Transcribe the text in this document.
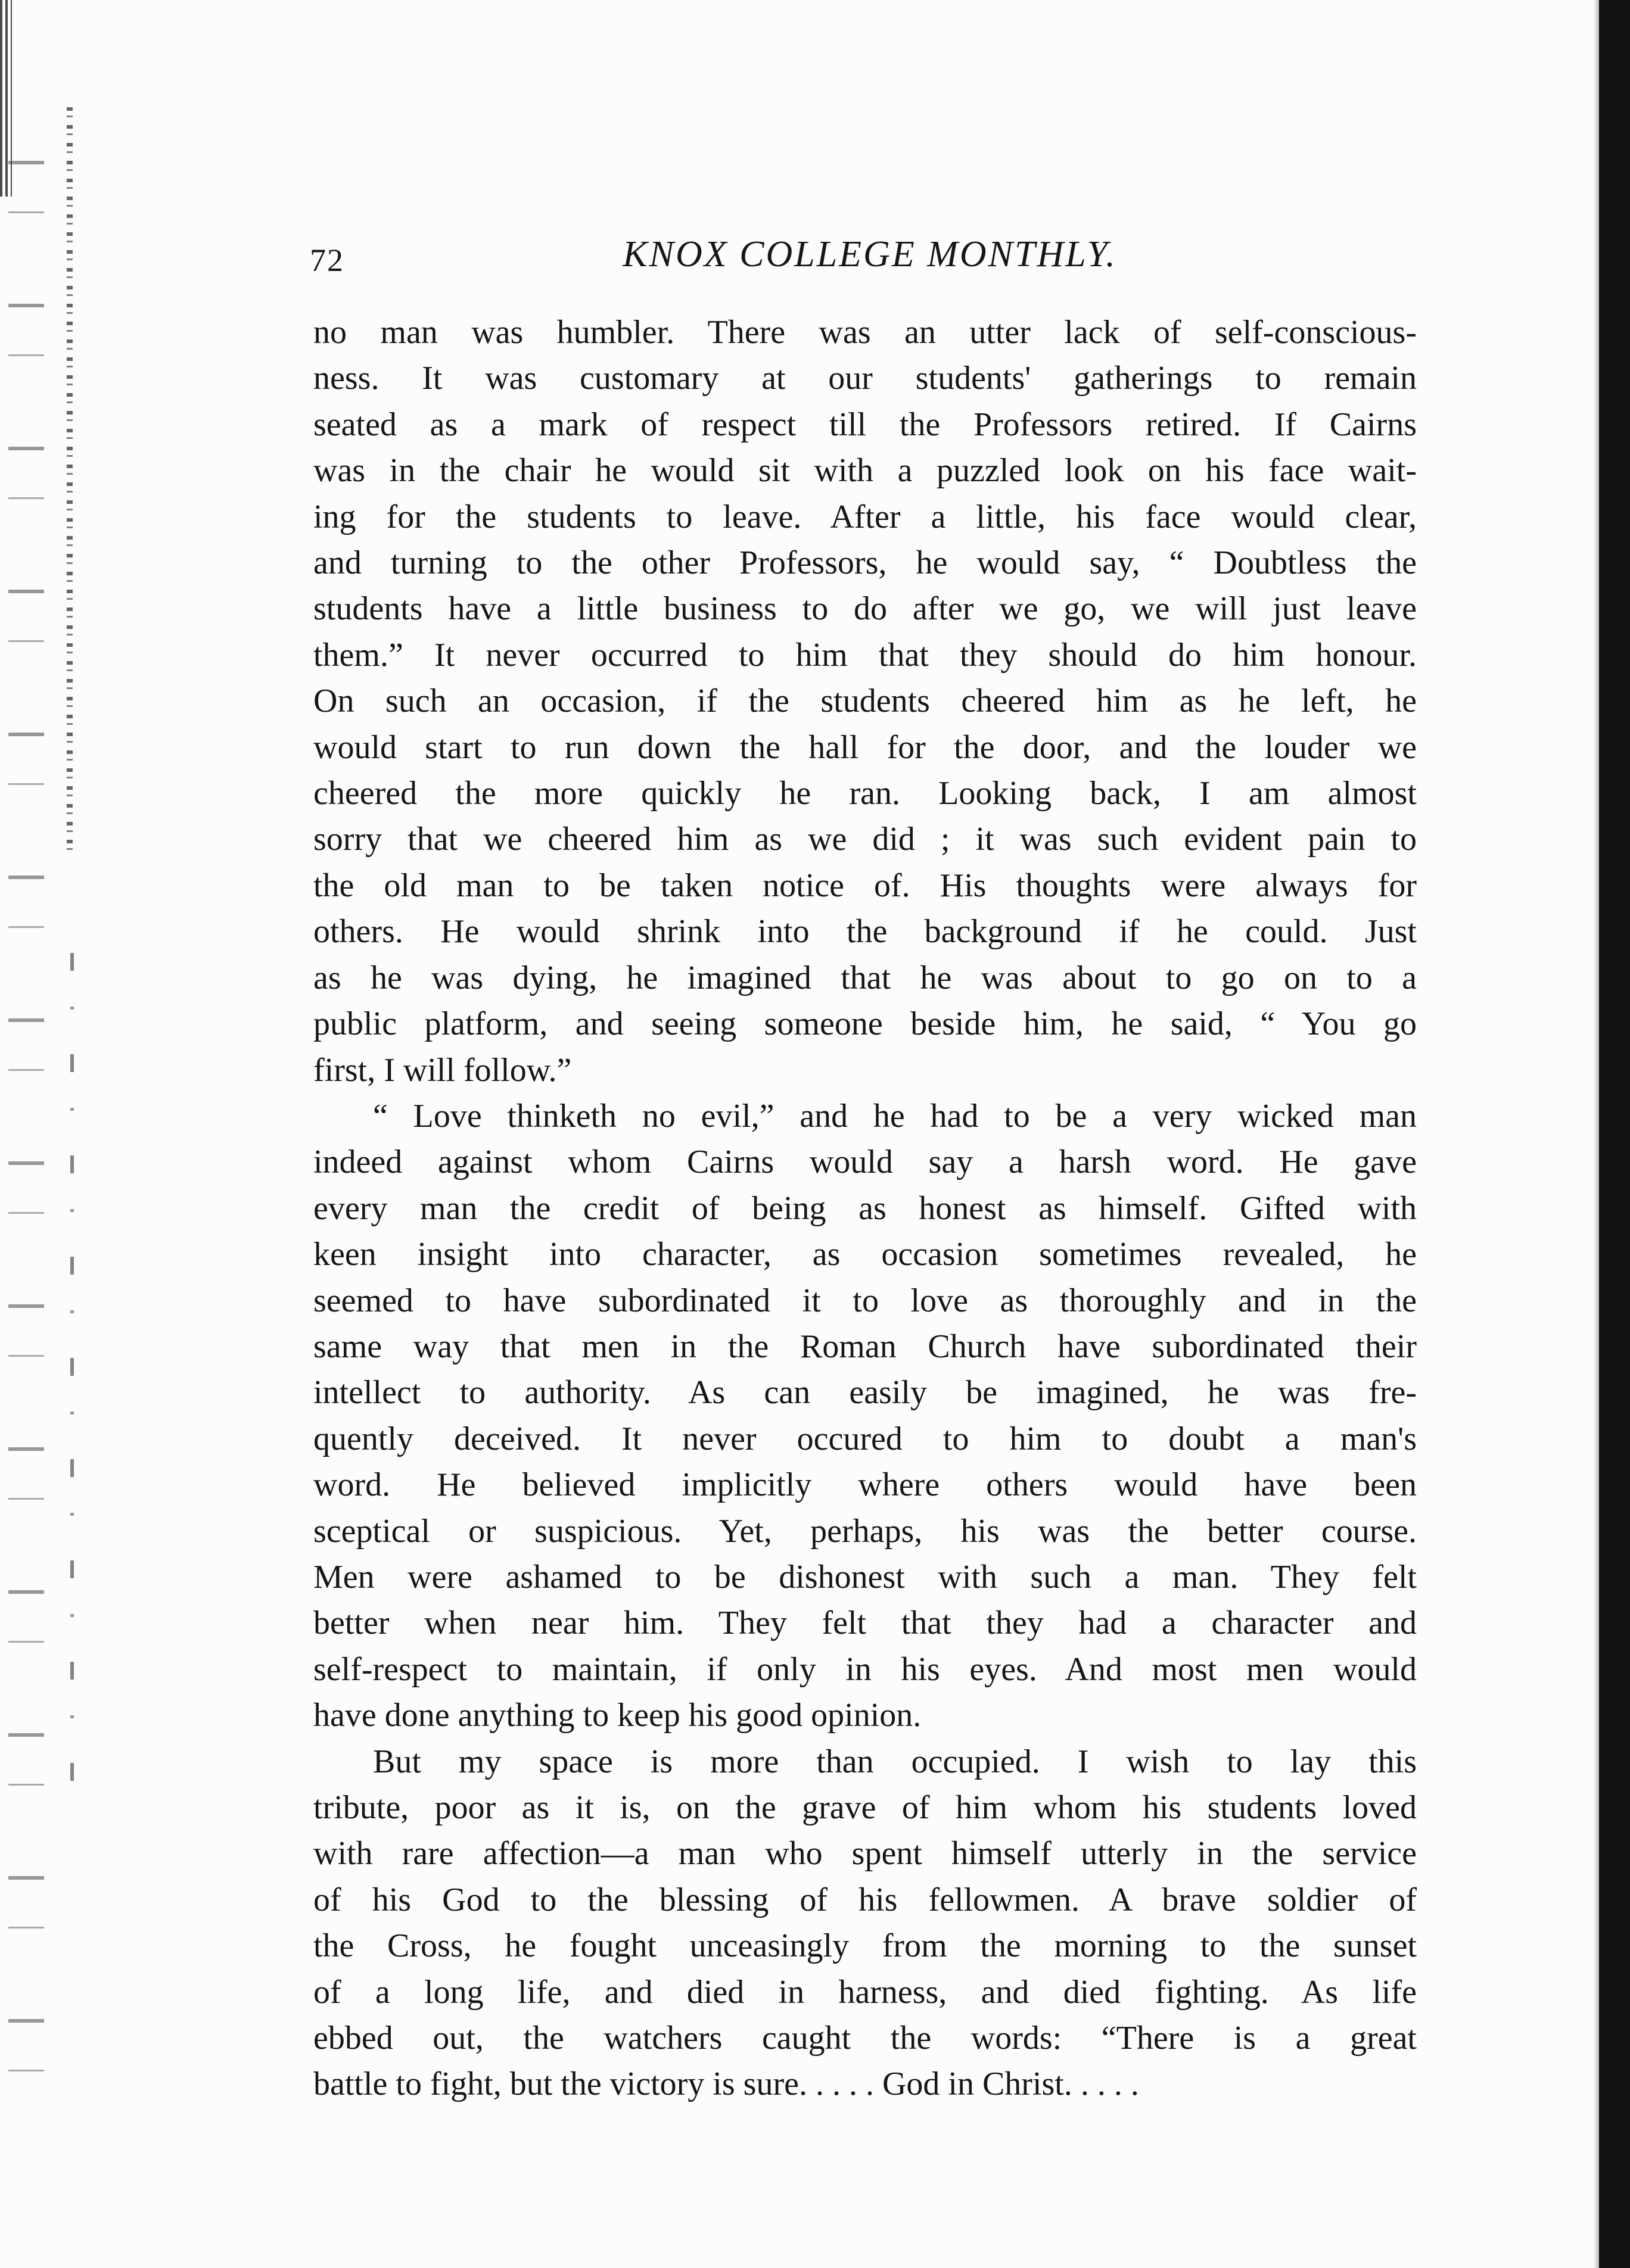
72	KNOX COLLEGE MONTHLY.
no man was humbler. There was an utter lack of self-conscious-
ness. It was customary at our students' gatherings to remain
seated as a mark of respect till the Professors retired. If Cairns
was in the chair he would sit with a puzzled look on his face wait-
ing for the students to leave. After a little, his face would clear,
and turning to the other Professors, he would say, “ Doubtless the
students have a little business to do after we go, we will just leave
them.” It never occurred to him that they should do him honour.
On such an occasion, if the students cheered him as he left, he
would start to run down the hall for the door, and the louder we
cheered the more quickly he ran. Looking back, I am almost
sorry that we cheered him as we did ; it was such evident pain to
the old man to be taken notice of. His thoughts were always for
others. He would shrink into the background if he could. Just
as he was dying, he imagined that he was about to go on to a
public platform, and seeing someone beside him, he said, “ You go
first, I will follow.”
“ Love thinketh no evil,” and he had to be a very wicked man
indeed against whom Cairns would say a harsh word. He gave
every man the credit of being as honest as himself. Gifted with
keen insight into character, as occasion sometimes revealed, he
seemed to have subordinated it to love as thoroughly and in the
same way that men in the Roman Church have subordinated their
intellect to authority. As can easily be imagined, he was fre-
quently deceived. It never occured to him to doubt a man's
word. He believed implicitly where others would have been
sceptical or suspicious. Yet, perhaps, his was the better course.
Men were ashamed to be dishonest with such a man. They felt
better when near him. They felt that they had a character and
self-respect to maintain, if only in his eyes. And most men would
have done anything to keep his good opinion.
But my space is more than occupied. I wish to lay this
tribute, poor as it is, on the grave of him whom his students loved
with rare affection—a man who spent himself utterly in the service
of his God to the blessing of his fellowmen. A brave soldier of
the Cross, he fought unceasingly from the morning to the sunset
of a long life, and died in harness, and died fighting. As life
ebbed out, the watchers caught the words: “There is a great
battle to fight, but the victory is sure. . . . . God in Christ. . . . .
